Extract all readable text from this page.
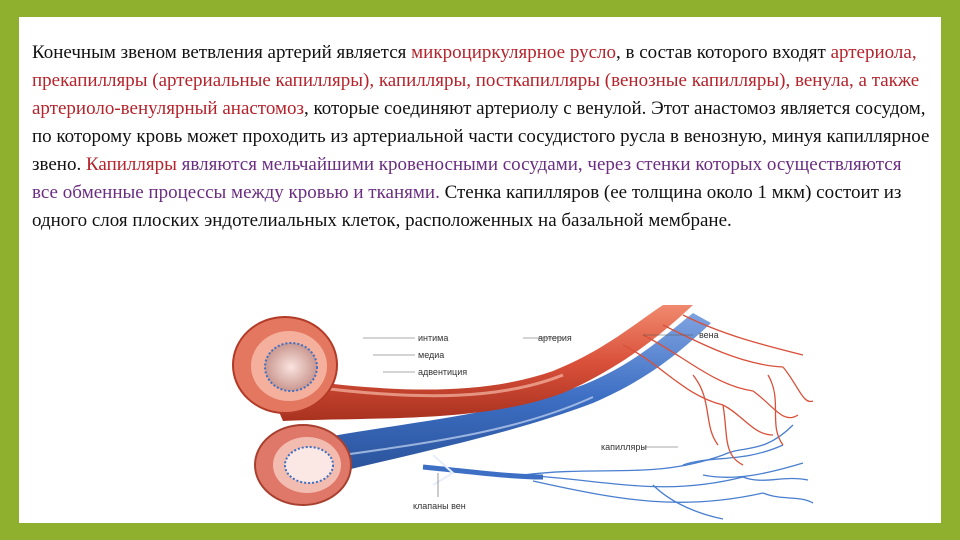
Конечным звеном ветвления артерий является микроциркулярное русло, в состав которого входят артериола, прекапилляры (артериальные капилляры), капилляры, посткапилляры (венозные капилляры), венула, а также артериоло-венулярный анастомоз, которые соединяют артериолу с венулой. Этот анастомоз является сосудом, по которому кровь может проходить из артериальной части сосудистого русла в венозную, минуя капиллярное звено. Капилляры являются мельчайшими кровеносными сосудами, через стенки которых осуществляются все обменные процессы между кровью и тканями. Стенка капилляров (ее толщина около 1 мкм) состоит из одного слоя плоских эндотелиальных клеток, расположенных на базальной мембране.

интима
медиа
адвентиция
артерия	вена
капилляры
клапаны вен
